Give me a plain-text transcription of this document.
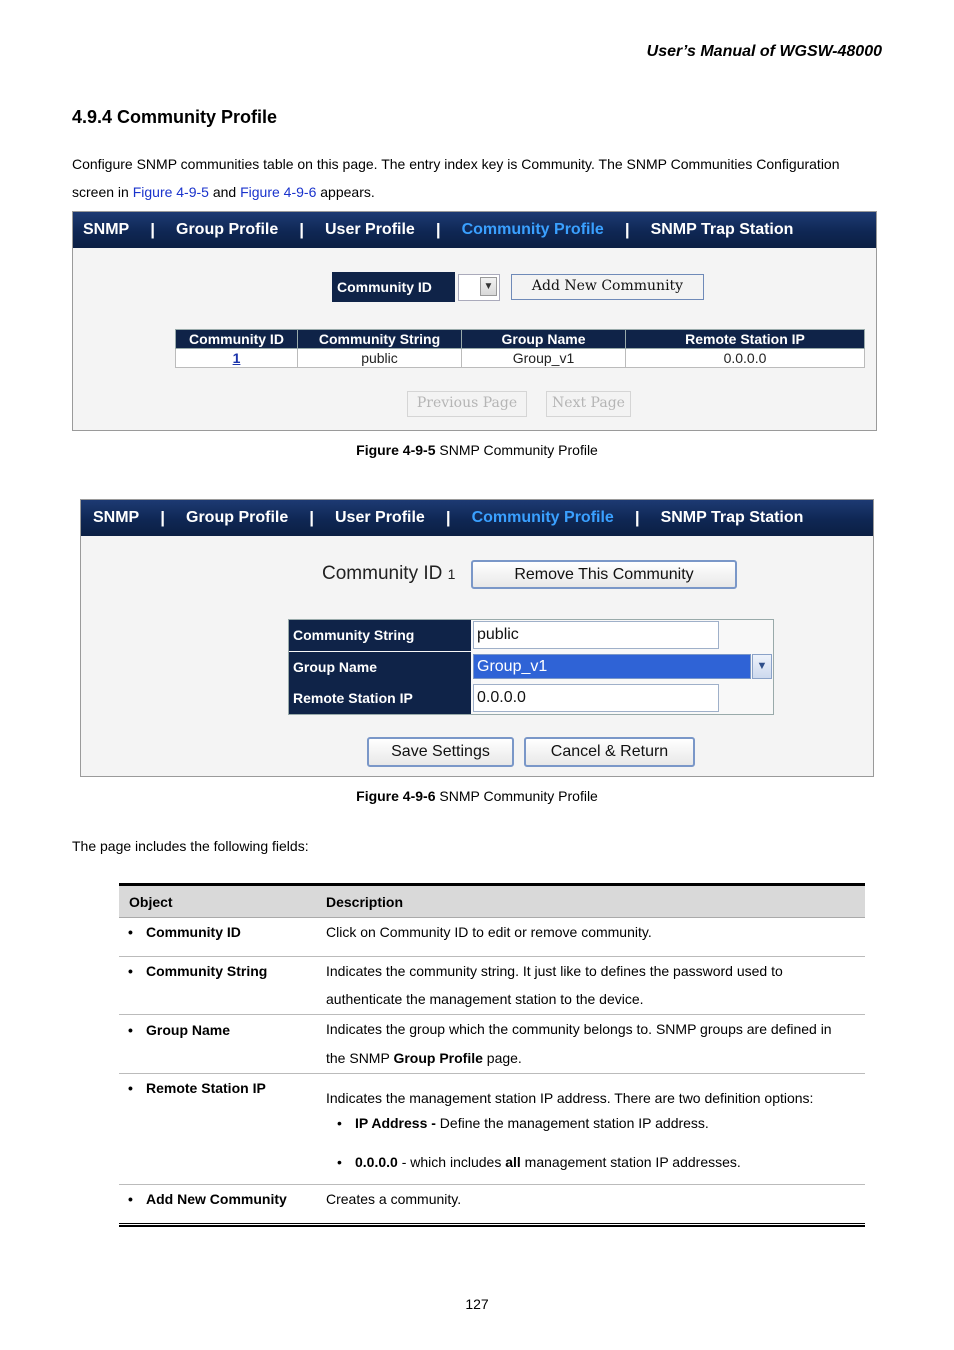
User’s Manual of WGSW-48000
4.9.4 Community Profile
Configure SNMP communities table on this page. The entry index key is Community. The SNMP Communities Configuration
screen in Figure 4-9-5 and Figure 4-9-6 appears.
SNMP | Group Profile | User Profile | Community Profile | SNMP Trap Station
Community ID	▼	Add New Community
Community ID	Community String	Group Name	Remote Station IP
1	public	Group_v1	0.0.0.0
Previous Page	Next Page
Figure 4-9-5 SNMP Community Profile
SNMP | Group Profile | User Profile | Community Profile | SNMP Trap Station
Community ID 1	Remove This Community
Community String	public
Group Name	Group_v1	▼
Remote Station IP	0.0.0.0
Save Settings	Cancel & Return
Figure 4-9-6 SNMP Community Profile
The page includes the following fields:
Object	Description
• Community ID	Click on Community ID to edit or remove community.
• Community String	Indicates the community string. It just like to defines the password used to
authenticate the management station to the device.
• Group Name	Indicates the group which the community belongs to. SNMP groups are defined in
the SNMP Group Profile page.
• Remote Station IP
Indicates the management station IP address. There are two definition options:
• IP Address - Define the management station IP address.
• 0.0.0.0 - which includes all management station IP addresses.
• Add New Community	Creates a community.
127
